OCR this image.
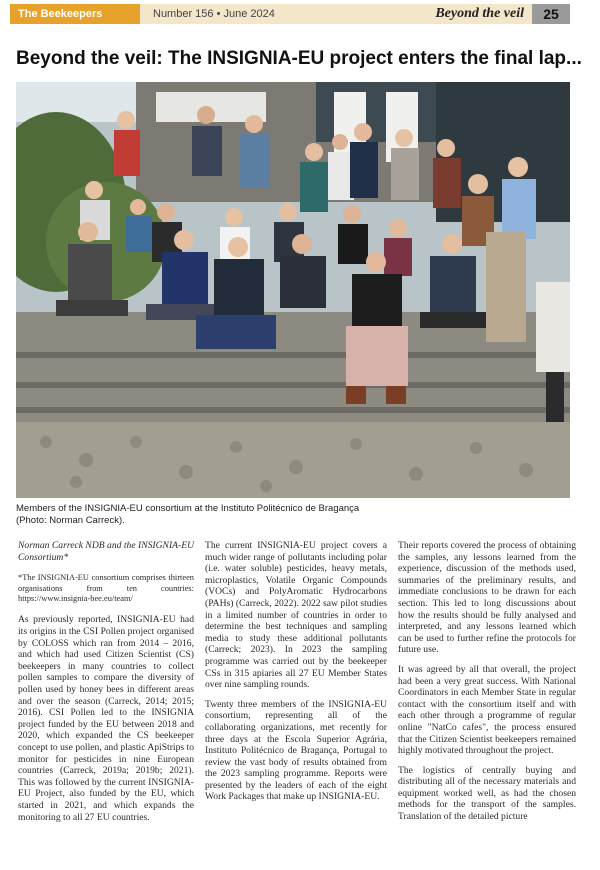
The Beekeepers Quarterly
Number 156 • June 2024	Beyond the veil	25
Beyond the veil: The INSIGNIA-EU project enters the final lap...
Members of the INSIGNIA-EU consortium at the Instituto Politécnico de Bragança
(Photo: Norman Carreck).

Norman Carreck NDB and the INSIGNIA-EU Consortium*

*The INSIGNIA-EU consortium comprises thirteen organisations from ten countries: https://www.insignia-bee.eu/team/

As previously reported, INSIGNIA-EU had its origins in the CSI Pollen project organised by COLOSS which ran from 2014 – 2016, and which had used Citizen Scientist (CS) beekeepers in many countries to collect pollen samples to compare the diversity of pollen used by honey bees in different areas and over the season (Carreck, 2014; 2015; 2016). CSI Pollen led to the INSIGNIA project funded by the EU between 2018 and 2020, which expanded the CS beekeeper concept to use pollen, and plastic ApiStrips to monitor for pesticides in nine European countries (Carreck, 2019a; 2019b; 2021). This was followed by the current INSIGNIA-EU Project, also funded by the EU, which started in 2021, and which expands the monitoring to all 27 EU countries.

The current INSIGNIA-EU project covers a much wider range of pollutants including polar (i.e. water soluble) pesticides, heavy metals, microplastics, Volatile Organic Compounds (VOCs) and PolyAromatic Hydrocarbons (PAHs) (Carreck, 2022). 2022 saw pilot studies in a limited number of countries in order to determine the best techniques and sampling media to study these additional pollutants (Carreck; 2023). In 2023 the sampling programme was carried out by the beekeeper CSs in 315 apiaries all 27 EU Member States over nine sampling rounds.

Twenty three members of the INSIGNIA-EU consortium, representing all of the collaborating organizations, met recently for three days at the Escola Superior Agrária, Instituto Politécnico de Bragança, Portugal to review the vast body of results obtained from the 2023 sampling programme. Reports were presented by the leaders of each of the eight Work Packages that make up INSIGNIA-EU.

Their reports covered the process of obtaining the samples, any lessons learned from the experience, discussion of the methods used, summaries of the preliminary results, and immediate conclusions to be drawn for each section. This led to long discussions about how the results should be fully analysed and interpreted, and any lessons learned which can be used to further refine the protocols for future use.

It was agreed by all that overall, the project had been a very great success. With National Coordinators in each Member State in regular contact with the consortium itself and with each other through a programme of regular online "NatCo cafes", the process ensured that the Citizen Scientist beekeepers remained highly motivated throughout the project.

The logistics of centrally buying and distributing all of the necessary materials and equipment worked well, as had the chosen methods for the transport of the samples. Translation of the detailed picture
